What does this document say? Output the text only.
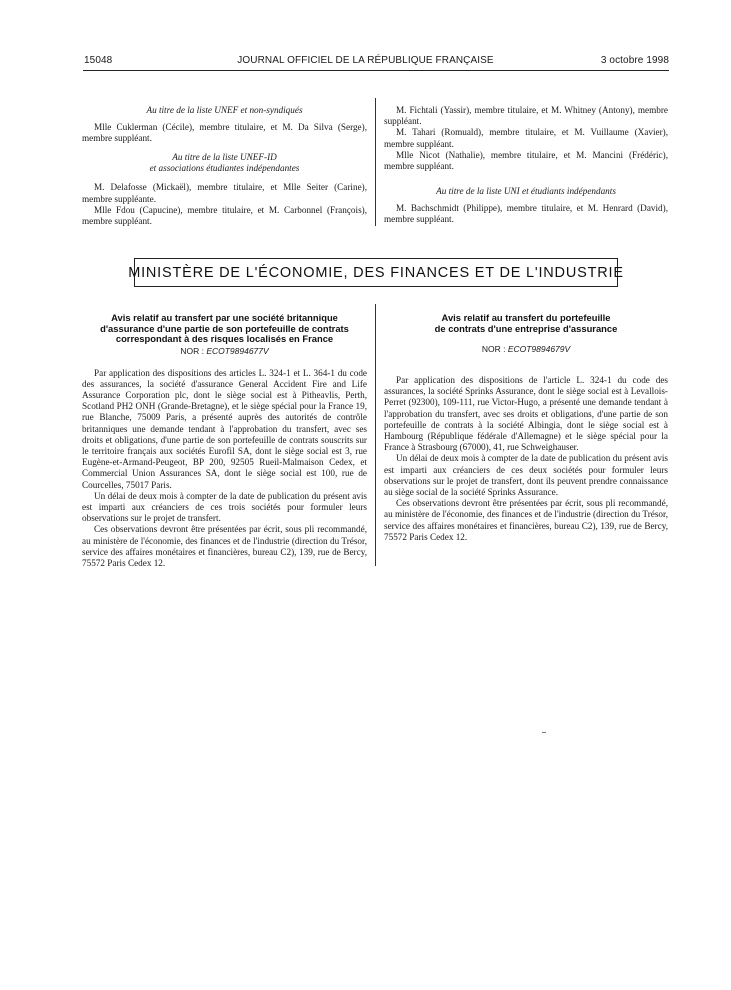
15048	JOURNAL OFFICIEL DE LA RÉPUBLIQUE FRANÇAISE	3 octobre 1998
Au titre de la liste UNEF et non-syndiqués

Mlle Cuklerman (Cécile), membre titulaire, et M. Da Silva (Serge), membre suppléant.

Au titre de la liste UNEF-ID
et associations étudiantes indépendantes

M. Delafosse (Mickaël), membre titulaire, et Mlle Seiter (Carine), membre suppléante.

Mlle Fdou (Capucine), membre titulaire, et M. Carbonnel (François), membre suppléant.

M. Fichtali (Yassir), membre titulaire, et M. Whitney (Antony), membre suppléant.

M. Tahari (Romuald), membre titulaire, et M. Vuillaume (Xavier), membre suppléant.

Mlle Nicot (Nathalie), membre titulaire, et M. Mancini (Frédéric), membre suppléant.

Au titre de la liste UNI et étudiants indépendants

M. Bachschmidt (Philippe), membre titulaire, et M. Henrard (David), membre suppléant.

MINISTÈRE DE L'ÉCONOMIE, DES FINANCES ET DE L'INDUSTRIE
Avis relatif au transfert par une société britannique
d'assurance d'une partie de son portefeuille de contrats
correspondant à des risques localisés en France
NOR : ECOT9894677V

Par application des dispositions des articles L. 324-1 et L. 364-1 du code des assurances, la société d'assurance General Accident Fire and Life Assurance Corporation plc, dont le siège social est à Pitheavlis, Perth, Scotland PH2 ONH (Grande-Bretagne), et le siège spécial pour la France 19, rue Blanche, 75009 Paris, a présenté auprès des autorités de contrôle britanniques une demande tendant à l'approbation du transfert, avec ses droits et obligations, d'une partie de son portefeuille de contrats souscrits sur le territoire français aux sociétés Eurofil SA, dont le siège social est 3, rue Eugène-et-Armand-Peugeot, BP 200, 92505 Rueil-Malmaison Cedex, et Commercial Union Assurances SA, dont le siège social est 100, rue de Courcelles, 75017 Paris.

Un délai de deux mois à compter de la date de publication du présent avis est imparti aux créanciers de ces trois sociétés pour formuler leurs observations sur le projet de transfert.

Ces observations devront être présentées par écrit, sous pli recommandé, au ministère de l'économie, des finances et de l'industrie (direction du Trésor, service des affaires monétaires et financières, bureau C2), 139, rue de Bercy, 75572 Paris Cedex 12.

Avis relatif au transfert du portefeuille
de contrats d'une entreprise d'assurance
NOR : ECOT9894679V

Par application des dispositions de l'article L. 324-1 du code des assurances, la société Sprinks Assurance, dont le siège social est à Levallois-Perret (92300), 109-111, rue Victor-Hugo, a présenté une demande tendant à l'approbation du transfert, avec ses droits et obligations, d'une partie de son portefeuille de contrats à la société Albingia, dont le siège social est à Hambourg (République fédérale d'Allemagne) et le siège spécial pour la France à Strasbourg (67000), 41, rue Schweighauser.

Un délai de deux mois à compter de la date de publication du présent avis est imparti aux créanciers de ces deux sociétés pour formuler leurs observations sur le projet de transfert, dont ils peuvent prendre connaissance au siège social de la société Sprinks Assurance.

Ces observations devront être présentées par écrit, sous pli recommandé, au ministère de l'économie, des finances et de l'industrie (direction du Trésor, service des affaires monétaires et financières, bureau C2), 139, rue de Bercy, 75572 Paris Cedex 12.
